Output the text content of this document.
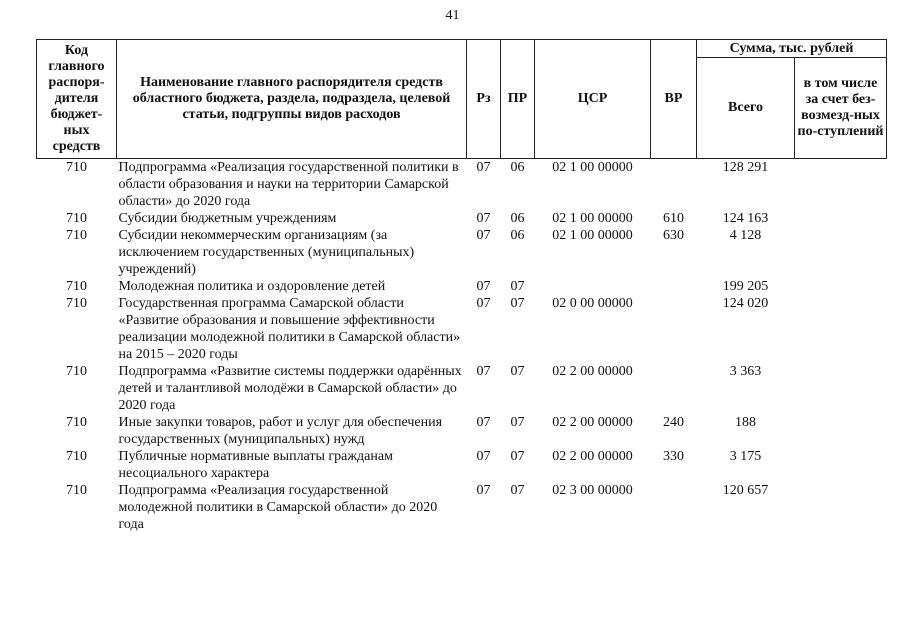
41
Код главного распоря-дителя бюджет-ных средств	Наименование главного распорядителя средств областного бюджета, раздела, подраздела, целевой статьи, подгруппы видов расходов	Рз	ПР	ЦСР	ВР	Сумма, тыс. рублей	
						Всего	в том числе за счет без-возмезд-ных по-ступлений
710	Подпрограмма «Реализация государственной политики в области образования и науки на территории Самарской области» до 2020 года	07	06	02 1 00 00000		128 291	
710	Субсидии бюджетным учреждениям	07	06	02 1 00 00000	610	124 163	
710	Субсидии некоммерческим организациям (за исключением государственных (муниципальных) учреждений)	07	06	02 1 00 00000	630	4 128	
710	Молодежная политика и оздоровление детей	07	07			199 205	
710	Государственная программа Самарской области «Развитие образования и повышение эффективности реализации молодежной политики в Самарской области» на 2015 – 2020 годы	07	07	02 0 00 00000		124 020	
710	Подпрограмма «Развитие системы поддержки одарённых детей и талантливой молодёжи в Самарской области» до 2020 года	07	07	02 2 00 00000		3 363	
710	Иные закупки товаров, работ и услуг для обеспечения государственных (муниципальных) нужд	07	07	02 2 00 00000	240	188	
710	Публичные нормативные выплаты гражданам несоциального характера	07	07	02 2 00 00000	330	3 175	
710	Подпрограмма «Реализация государственной молодежной политики в Самарской области» до 2020 года	07	07	02 3 00 00000		120 657	
